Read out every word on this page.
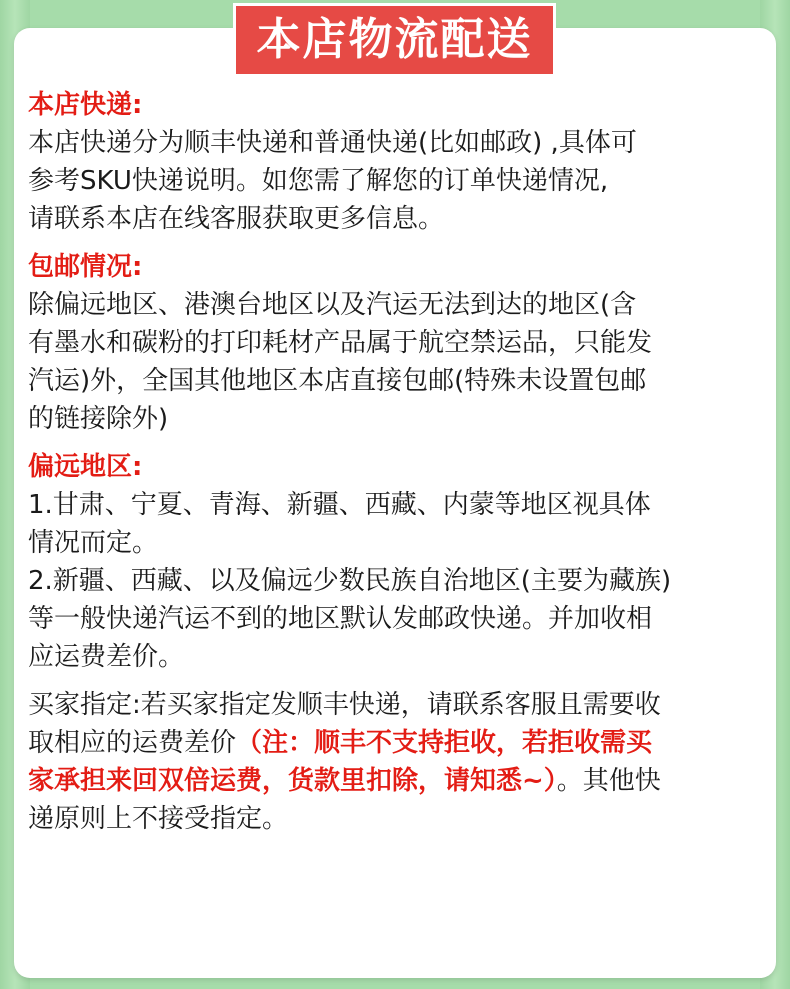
本店物流配送
本店快递:
本店快递分为顺丰快递和普通快递(比如邮政) ,具体可
参考SKU快递说明。如您需了解您的订单快递情况,
请联系本店在线客服获取更多信息。
包邮情况:
除偏远地区、港澳台地区以及汽运无法到达的地区(含
有墨水和碳粉的打印耗材产品属于航空禁运品，只能发
汽运)外，全国其他地区本店直接包邮(特殊未设置包邮
的链接除外)
偏远地区:
1.甘肃、宁夏、青海、新疆、西藏、内蒙等地区视具体
情况而定。
2.新疆、西藏、以及偏远少数民族自治地区(主要为藏族)
等一般快递汽运不到的地区默认发邮政快递。并加收相
应运费差价。
买家指定:若买家指定发顺丰快递，请联系客服且需要收
取相应的运费差价（注：顺丰不支持拒收，若拒收需买
家承担来回双倍运费，货款里扣除，请知悉~）。其他快
递原则上不接受指定。
